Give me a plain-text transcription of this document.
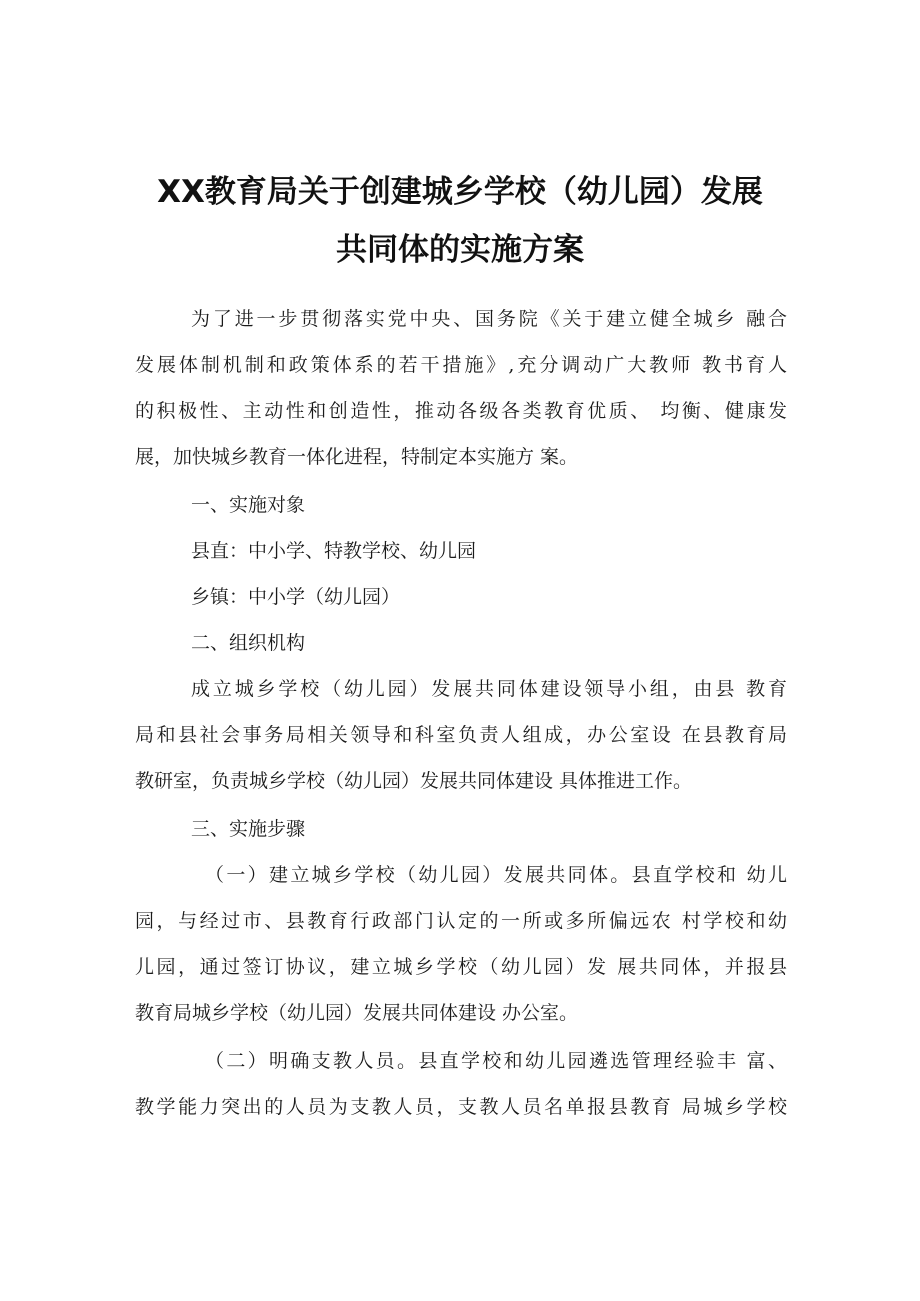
XX教育局关于创建城乡学校（幼儿园）发展
共同体的实施方案
为了进一步贯彻落实党中央、国务院《关于建立健全城乡 融合
发展体制机制和政策体系的若干措施》,充分调动广大教师 教书育人
的积极性、主动性和创造性，推动各级各类教育优质、 均衡、健康发
展，加快城乡教育一体化进程，特制定本实施方 案。
一、实施对象
县直：中小学、特教学校、幼儿园
乡镇：中小学（幼儿园）
二、组织机构
成立城乡学校（幼儿园）发展共同体建设领导小组，由县 教育
局和县社会事务局相关领导和科室负责人组成，办公室设 在县教育局
教研室，负责城乡学校（幼儿园）发展共同体建设 具体推进工作。
三、实施步骤
（一）建立城乡学校（幼儿园）发展共同体。县直学校和 幼儿
园，与经过市、县教育行政部门认定的一所或多所偏远农 村学校和幼
儿园，通过签订协议，建立城乡学校（幼儿园）发 展共同体，并报县
教育局城乡学校（幼儿园）发展共同体建设 办公室。
（二）明确支教人员。县直学校和幼儿园遴选管理经验丰 富、
教学能力突出的人员为支教人员，支教人员名单报县教育 局城乡学校
